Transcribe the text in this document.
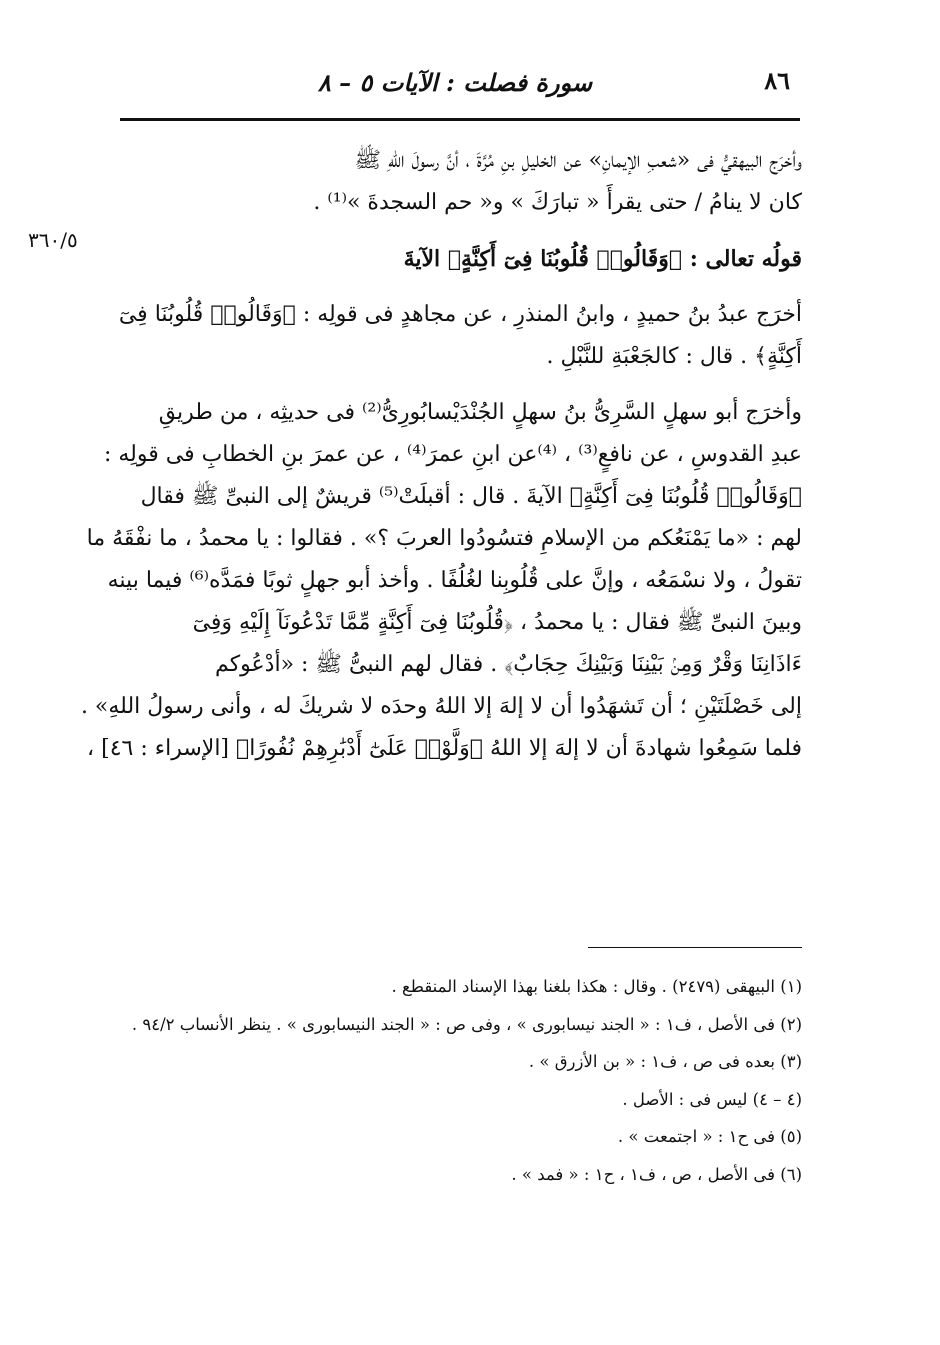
٨٦
سورة فصلت : الآيات ٥ – ٨
٣٦٠/٥
وأخرَج البيهقيُّ فى «شعبِ الإيمانِ» عن الخليلِ بنِ مُرَّةَ ، أنَّ رسولَ اللهِ ﷺ
كان لا ينامُ / حتى يقرأَ « تبارَكَ » و« حم السجدةَ »⁽¹⁾ .
قولُه تعالى : ﴿وَقَالُوا۟ قُلُوبُنَا فِىٓ أَكِنَّةٍ﴾ الآيةَ
أخرَج عبدُ بنُ حميدٍ ، وابنُ المنذرِ ، عن مجاهدٍ فى قولِه : ﴿وَقَالُوا۟ قُلُوبُنَا فِىٓ
أَكِنَّةٍ﴾ . قال : كالجَعْبَةِ للنَّبْلِ .
وأخرَج أبو سهلٍ السَّرِىُّ بنُ سهلٍ الجُنْدَيْسابُورِىُّ⁽²⁾ فى حديثِه ، من طريقِ
عبدِ القدوسِ ، عن نافعٍ⁽³⁾ ، ⁽⁴⁾عن ابنِ عمرَ⁽⁴⁾ ، عن عمرَ بنِ الخطابِ فى قولِه :
﴿وَقَالُوا۟ قُلُوبُنَا فِىٓ أَكِنَّةٍ﴾ الآيةَ . قال : أقبلَتْ⁽⁵⁾ قريشٌ إلى النبىِّ ﷺ فقال
لهم : «ما يَمْنَعُكم من الإسلامِ فتسُودُوا العربَ ؟» . فقالوا : يا محمدُ ، ما نفْقَهُ ما
تقولُ ، ولا نسْمَعُه ، وإنَّ على قُلُوبِنا لغُلُفًا . وأخذ أبو جهلٍ ثوبًا فمَدَّه⁽⁶⁾ فيما بينه
وبينَ النبىِّ ﷺ فقال : يا محمدُ ، ﴿قُلُوبُنَا فِىٓ أَكِنَّةٍ مِّمَّا تَدْعُونَآ إِلَيْهِ وَفِىٓ
ءَاذَانِنَا وَقْرٌ وَمِنۢ بَيْنِنَا وَبَيْنِكَ حِجَابٌ﴾ . فقال لهم النبىُّ ﷺ : «أدْعُوكم
إلى خَصْلَتَيْنِ ؛ أن تَشهَدُوا أن لا إلهَ إلا اللهُ وحدَه لا شريكَ له ، وأنى رسولُ اللهِ» .
فلما سَمِعُوا شهادةَ أن لا إلهَ إلا اللهُ ﴿وَلَّوْا۟ عَلَىٰٓ أَدْبَٰرِهِمْ نُفُورًا﴾ [الإسراء : ٤٦] ،
(١) البيهقى (٢٤٧٩) . وقال : هكذا بلغنا بهذا الإسناد المنقطع .
(٢) فى الأصل ، ف١ : « الجند نيسابورى » ، وفى ص : « الجند النيسابورى » . ينظر الأنساب ٩٤/٢ .
(٣) بعده فى ص ، ف١ : « بن الأزرق » .
(٤ – ٤) ليس فى : الأصل .
(٥) فى ح١ : « اجتمعت » .
(٦) فى الأصل ، ص ، ف١ ، ح١ : « فمد » .
